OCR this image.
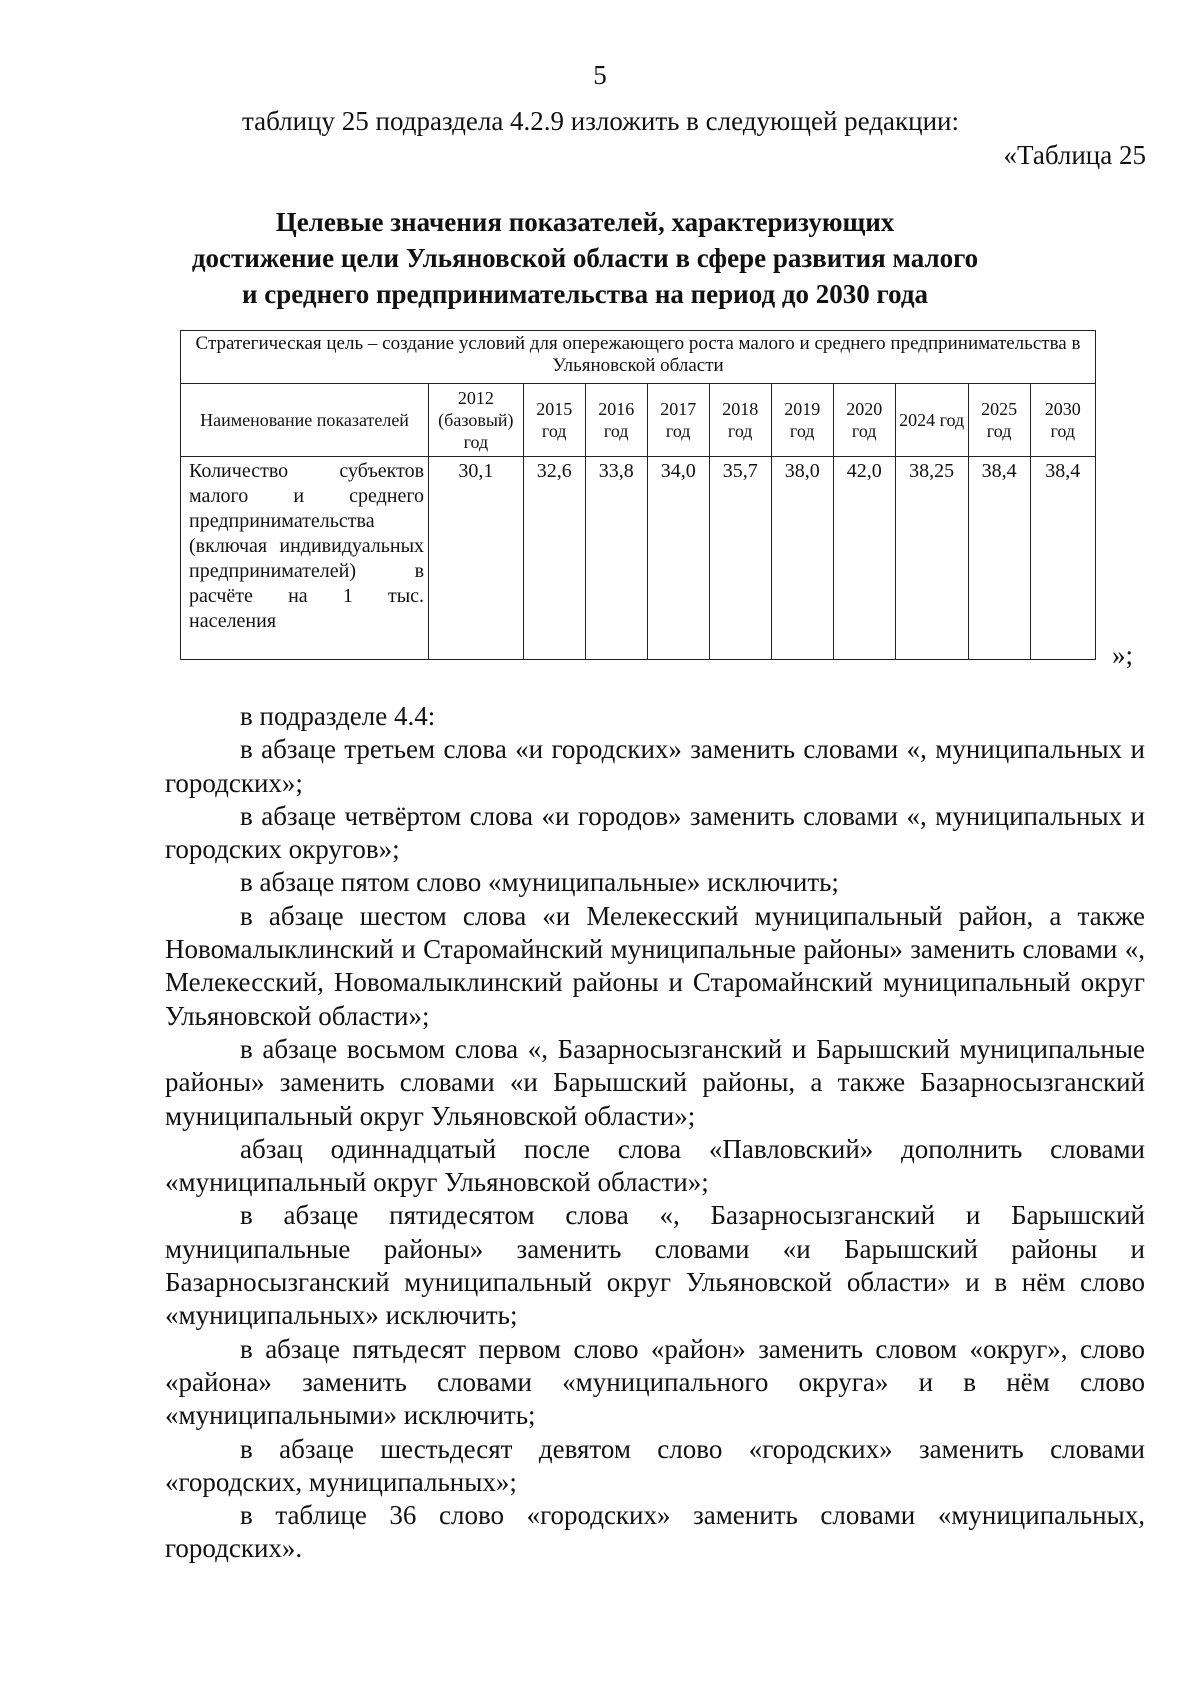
5
таблицу 25 подраздела 4.2.9 изложить в следующей редакции:
«Таблица 25
Целевые значения показателей, характеризующих
достижение цели Ульяновской области в сфере развития малого
и среднего предпринимательства на период до 2030 года
Стратегическая цель – создание условий для опережающего роста малого и среднего предпринимательства в Ульяновской области										
Наименование показателей	2012 (базовый) год	2015 год	2016 год	2017 год	2018 год	2019 год	2020 год	2024 год	2025 год	2030 год
Количество субъектов малого и среднего предпринимательства (включая индивидуальных предпринимателей) в расчёте на 1 тыс. населения	30,1	32,6	33,8	34,0	35,7	38,0	42,0	38,25	38,4	38,4
»;

в подразделе 4.4:

в абзаце третьем слова «и городских» заменить словами «, муниципальных и городских»;

в абзаце четвёртом слова «и городов» заменить словами «, муниципальных и городских округов»;

в абзаце пятом слово «муниципальные» исключить;

в абзаце шестом слова «и Мелекесский муниципальный район, а также Новомалыклинский и Старомайнский муниципальные районы» заменить словами «, Мелекесский, Новомалыклинский районы и Старомайнский муниципальный округ Ульяновской области»;

в абзаце восьмом слова «, Базарносызганский и Барышский муниципальные районы» заменить словами «и Барышский районы, а также Базарносызганский муниципальный округ Ульяновской области»;

абзац одиннадцатый после слова «Павловский» дополнить словами «муниципальный округ Ульяновской области»;

в абзаце пятидесятом слова «, Базарносызганский и Барышский муниципальные районы» заменить словами «и Барышский районы и Базарносызганский муниципальный округ Ульяновской области» и в нём слово «муниципальных» исключить;

в абзаце пятьдесят первом слово «район» заменить словом «округ», слово «района» заменить словами «муниципального округа» и в нём слово «муниципальными» исключить;

в абзаце шестьдесят девятом слово «городских» заменить словами «городских, муниципальных»;

в таблице 36 слово «городских» заменить словами «муниципальных, городских».
